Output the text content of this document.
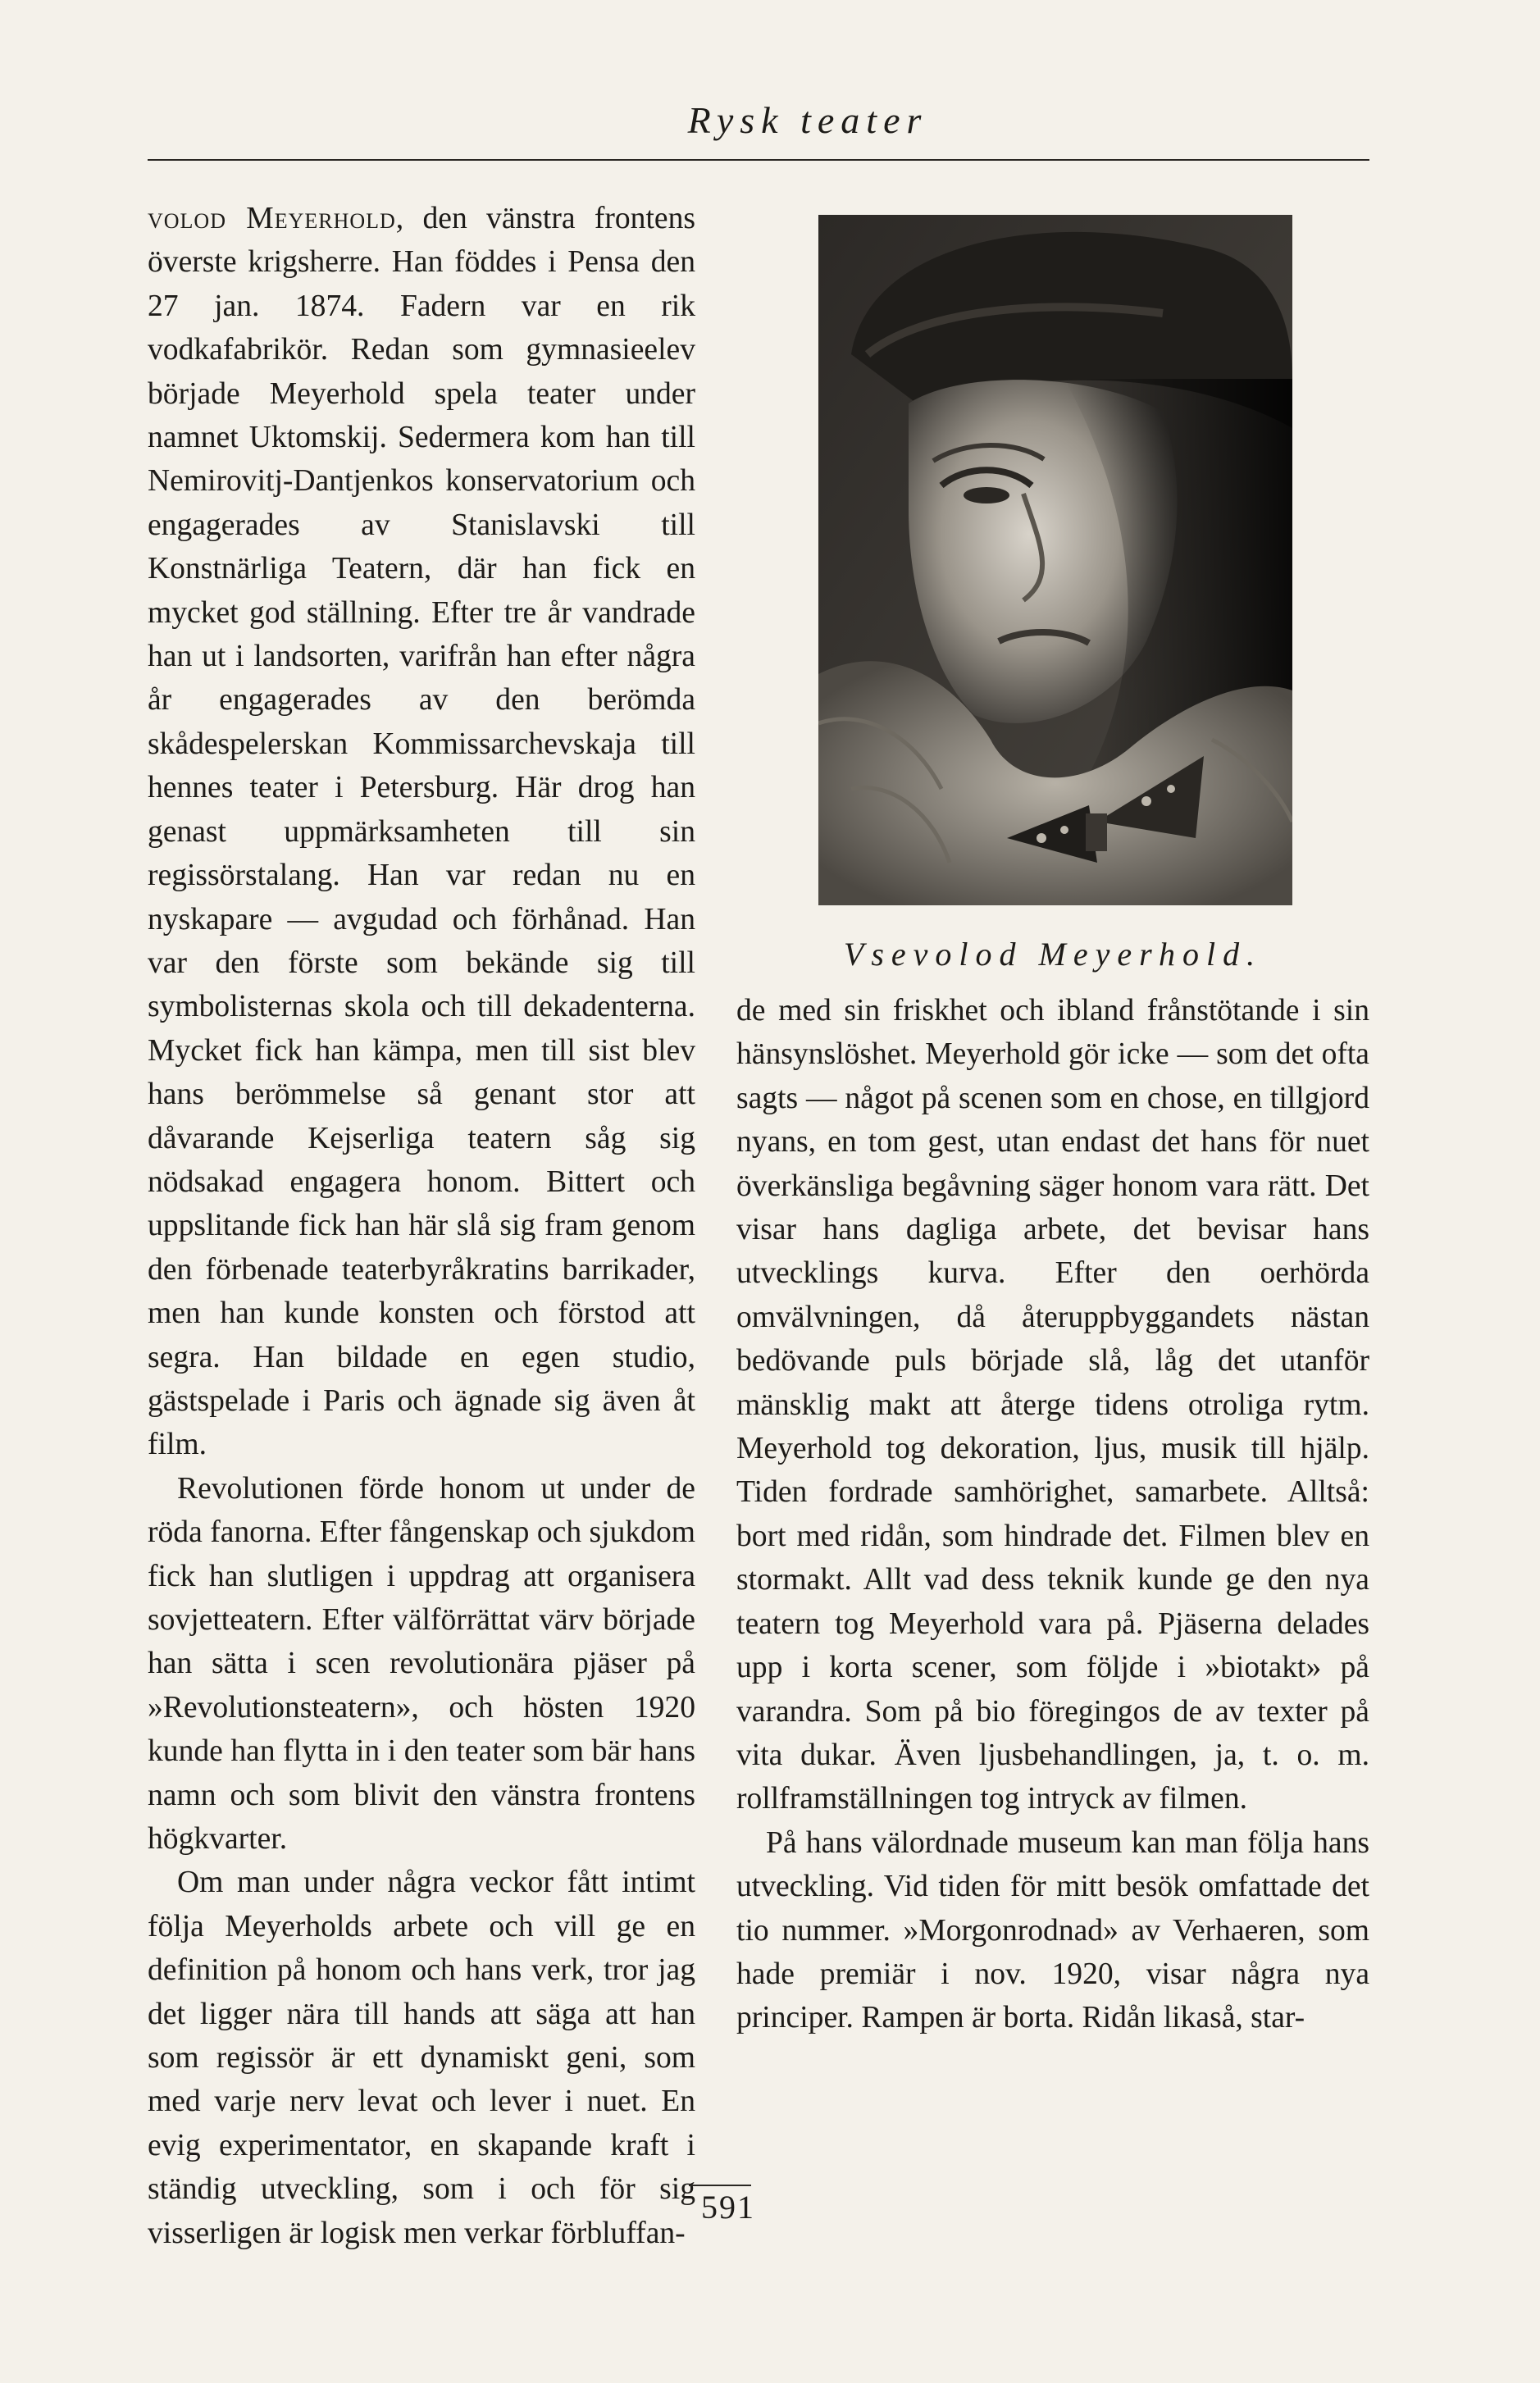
Rysk teater

volod Meyerhold, den vänstra frontens överste krigsherre. Han föddes i Pensa den 27 jan. 1874. Fadern var en rik vodkafabrikör. Redan som gymnasieelev började Meyerhold spela teater under namnet Uktomskij. Sedermera kom han till Nemirovitj-Dantjenkos konservatorium och engagerades av Stanislavski till Konstnärliga Teatern, där han fick en mycket god ställning. Efter tre år vandrade han ut i landsorten, varifrån han efter några år engagerades av den berömda skådespelerskan Kommissarchevskaja till hennes teater i Petersburg. Här drog han genast uppmärksamheten till sin regissörstalang. Han var redan nu en nyskapare — avgudad och förhånad. Han var den förste som bekände sig till symbolisternas skola och till dekadenterna. Mycket fick han kämpa, men till sist blev hans berömmelse så genant stor att dåvarande Kejserliga teatern såg sig nödsakad engagera honom. Bittert och uppslitande fick han här slå sig fram genom den förbenade teaterbyråkratins barrikader, men han kunde konsten och förstod att segra. Han bildade en egen studio, gästspelade i Paris och ägnade sig även åt film.

Revolutionen förde honom ut under de röda fanorna. Efter fångenskap och sjukdom fick han slutligen i uppdrag att organisera sovjetteatern. Efter välförrättat värv började han sätta i scen revolutionära pjäser på »Revolutionsteatern», och hösten 1920 kunde han flytta in i den teater som bär hans namn och som blivit den vänstra frontens högkvarter.

Om man under några veckor fått intimt följa Meyerholds arbete och vill ge en definition på honom och hans verk, tror jag det ligger nära till hands att säga att han som regissör är ett dynamiskt geni, som med varje nerv levat och lever i nuet. En evig experimentator, en skapande kraft i ständig utveckling, som i och för sig visserligen är logisk men verkar förbluffan-

Vsevolod Meyerhold.

de med sin friskhet och ibland frånstötande i sin hänsynslöshet. Meyerhold gör icke — som det ofta sagts — något på scenen som en chose, en tillgjord nyans, en tom gest, utan endast det hans för nuet överkänsliga begåvning säger honom vara rätt. Det visar hans dagliga arbete, det bevisar hans utvecklings kurva. Efter den oerhörda omvälvningen, då återuppbyggandets nästan bedövande puls började slå, låg det utanför mänsklig makt att återge tidens otroliga rytm. Meyerhold tog dekoration, ljus, musik till hjälp. Tiden fordrade samhörighet, samarbete. Alltså: bort med ridån, som hindrade det. Filmen blev en stormakt. Allt vad dess teknik kunde ge den nya teatern tog Meyerhold vara på. Pjäserna delades upp i korta scener, som följde i »biotakt» på varandra. Som på bio föregingos de av texter på vita dukar. Även ljusbehandlingen, ja, t. o. m. rollframställningen tog intryck av filmen.

På hans välordnade museum kan man följa hans utveckling. Vid tiden för mitt besök omfattade det tio nummer. »Morgonrodnad» av Verhaeren, som hade premiär i nov. 1920, visar några nya principer. Rampen är borta. Ridån likaså, star-

591
